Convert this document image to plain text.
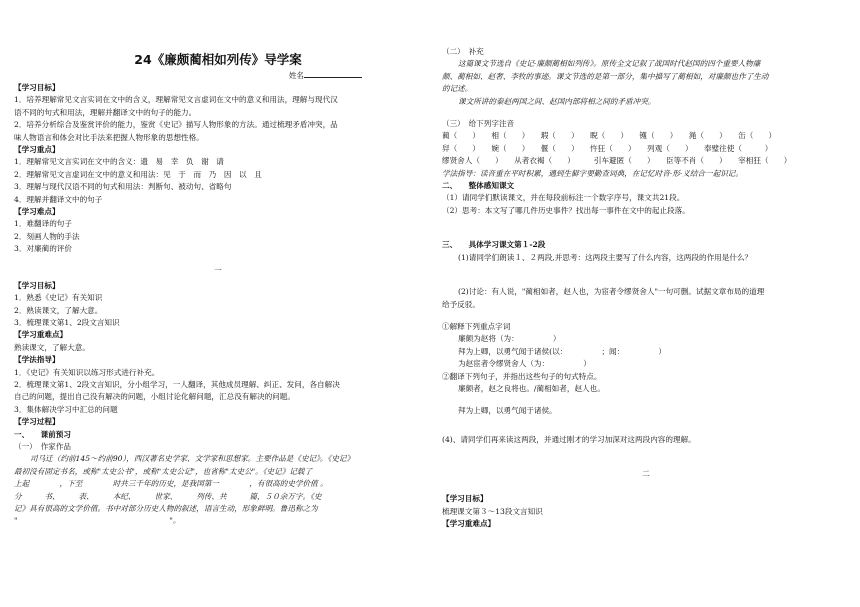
24《廉颇蔺相如列传》导学案
姓名

【学习目标】

1．培养理解常见文言实词在文中的含义，理解常见文言虚词在文中的意义和用法，理解与现代汉

语不同的句式和用法，理解并翻译文中的句子的能力。

2．培养分析综合及鉴赏评价的能力，鉴赏《史记》描写人物形象的方法。通过梳理矛盾冲突，品

味人物语言和体会对比手法来把握人物形象的思想性格。

【学习重点】

1．理解常见文言实词在文中的含义：遗　易　幸　负　谢　请

2．理解常见文言虚词在文中的意义和用法：见　于　而　乃　因　以　且

3．理解与现代汉语不同的句式和用法：判断句、被动句、省略句

4．理解并翻译文中的句子

【学习难点】

1．难翻译的句子

2．刻画人物的手法

3．对廉蔺的评价

一

【学习目标】

1．熟悉《史记》有关知识

2．熟读课文，了解大意。

3．梳理课文第1、2段文言知识

【学习重难点】

熟读课文，了解大意。

【学法指导】

1．《史记》有关知识以练习形式进行补充。

2．梳理课文第1、2段文言知识，分小组学习，一人翻译，其他成员理解、纠正、发问，各自解决

自己的问题，提出自己没有解决的问题，小组讨论化解问题，汇总没有解决的问题。

3．集体解决学习中汇总的问题

【学习过程】

一、　　课前预习

（一）　作家作品

司马迁（约前145～约前90），西汉著名史学家、文学家和思想家。主要作品是《史记》。《史记》

最初没有固定书名，或称"太史公书"，或称"太史公记"，也省称"太史公"。《史记》记载了

上起　　　　，下至　　　　时共三千年的历史，是我国第一　　　　，有很高的史学价值 。

分　　　书、　　　表、　　　本纪、　　　世家、　　　列传、共　　　篇，５０余万字。《史

记》具有很高的文学价值。书中对部分历史人物的叙述，语言生动，形象鲜明。鲁迅称之为

"　　　　　　　　　　　　　　　　　　　　"。

（二）　补充

这篇课文节选自《史记·廉颇蔺相如列传》。原传全文记叙了战国时代赵国的四个重要人物廉

颇、蔺相如、赵奢、李牧的事迹。课文节选的是第一部分，集中描写了蔺相如，对廉颇也作了生动

的记述。

课文所讲的秦赵两国之间、赵国内部将相之间的矛盾冲突。

（三）　给下列字注音

蔺（　　）　　相（　　）　　瑕（　　）　　睨（　　）　　镬（　　）　　渑（　　）　　缶（　　）

舁（　　）　　婉（　　）　　偃（　　）　　忤狂（　　）　　列观（　　）　　奉璧往使（　　　）

缪贤舍人（　　）　　从者衣褐（　　）　　　引车避匿（　　）　　臣等不肖（　　）　　宰相狂（　　）

学法指导：读音重在平时积累，遇到生僻字要勤查词典，在记忆时音·形·义结合一起识记。

二、　　整体感知课文

（1）请同学们默读课文，并在每段前标注一个数字序号，课文共21段。

（2）思考：本文写了哪几件历史事件？找出每一事件在文中的起止段落。

三、　　具体学习课文第１-2段

(1)请同学们朗读１、２两段,并思考：这两段主要写了什么内容，这两段的作用是什么？

(2)讨论：有人说，"蔺相如者，赵人也，为宦者令缪贤舍人"一句可删。试据文章布局的道理

给予反驳。

①解释下列重点字词

廉颇为赵将（为：　　　　　）

拜为上卿，以勇气闻于诸侯(以：　　　　　；闻：　　　　　）

为赵宦者令缪贤舍人（为：　　　　　）

②翻译下列句子，并指出这些句子的句式特点。

廉颇者，赵之良将也。/蔺相如者，赵人也。

拜为上卿，以勇气闻于诸侯。

(4)、请同学们再来读这两段，并通过刚才的学习加深对这两段内容的理解。

二

【学习目标】

梳理课文第３～13段文言知识

【学习重难点】
